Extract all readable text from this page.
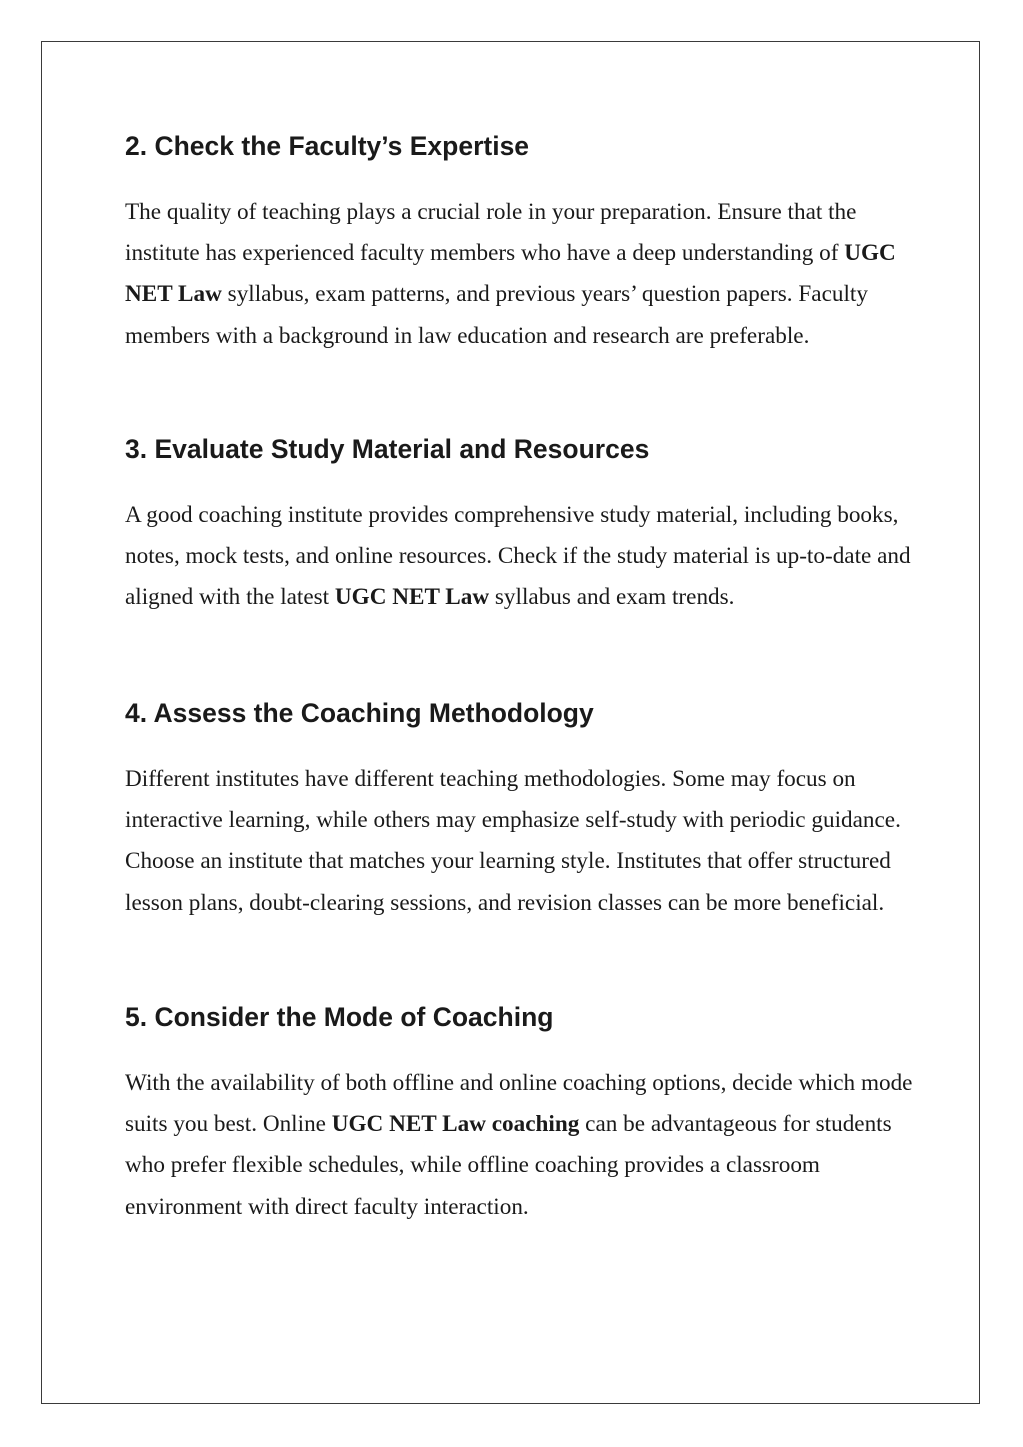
2. Check the Faculty’s Expertise

The quality of teaching plays a crucial role in your preparation. Ensure that the institute has experienced faculty members who have a deep understanding of UGC NET Law syllabus, exam patterns, and previous years’ question papers. Faculty members with a background in law education and research are preferable.

3. Evaluate Study Material and Resources

A good coaching institute provides comprehensive study material, including books, notes, mock tests, and online resources. Check if the study material is up-to-date and aligned with the latest UGC NET Law syllabus and exam trends.

4. Assess the Coaching Methodology

Different institutes have different teaching methodologies. Some may focus on interactive learning, while others may emphasize self-study with periodic guidance. Choose an institute that matches your learning style. Institutes that offer structured lesson plans, doubt-clearing sessions, and revision classes can be more beneficial.

5. Consider the Mode of Coaching

With the availability of both offline and online coaching options, decide which mode suits you best. Online UGC NET Law coaching can be advantageous for students who prefer flexible schedules, while offline coaching provides a classroom environment with direct faculty interaction.
